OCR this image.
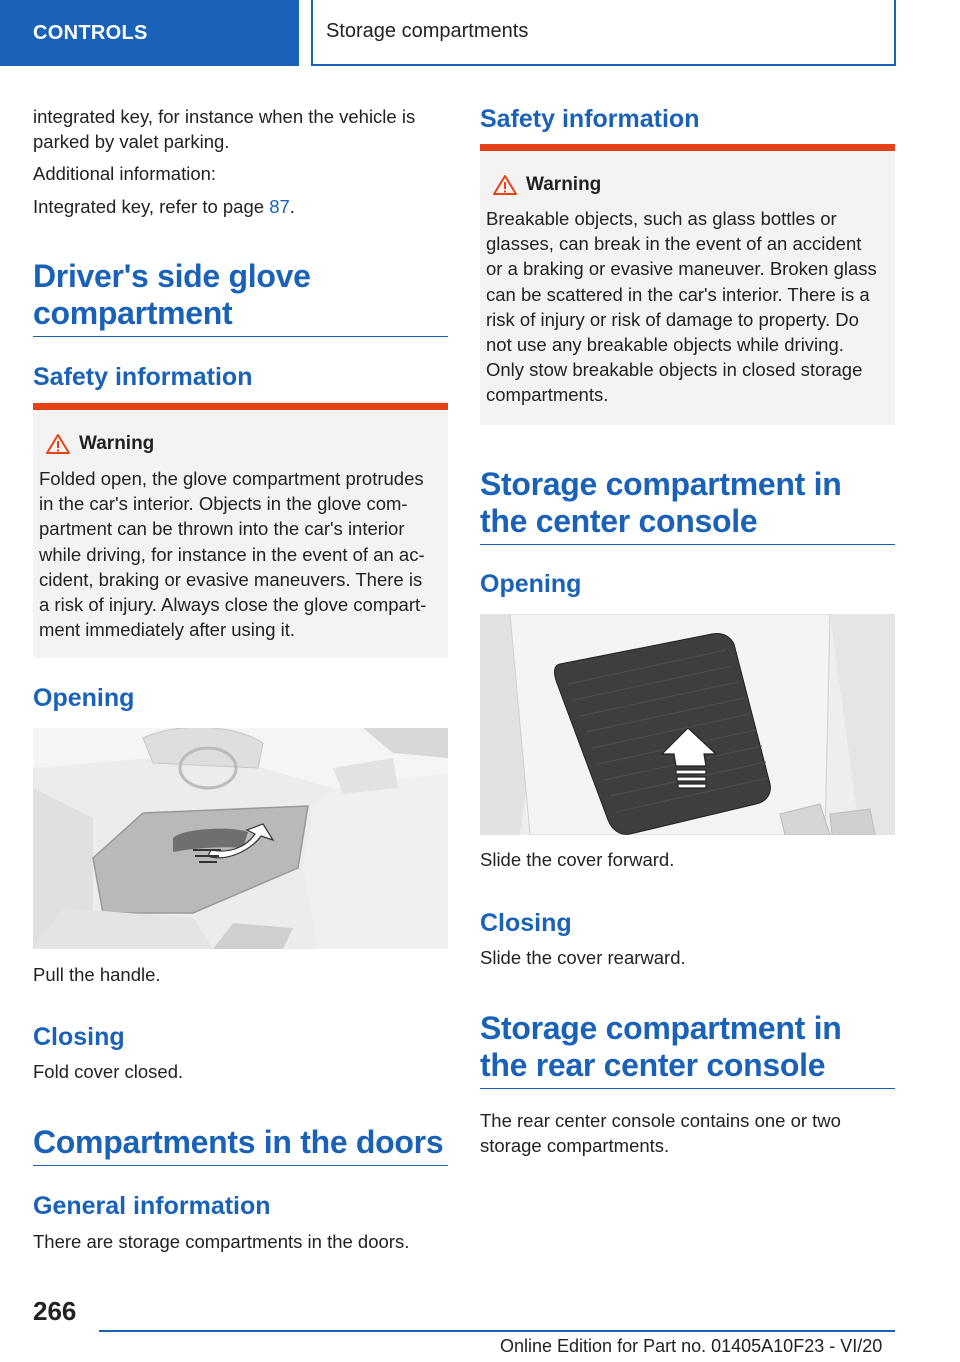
CONTROLS	Storage compartments

integrated key, for instance when the vehicle is

parked by valet parking.

Additional information:

Integrated key, refer to page 87.

Driver's side glove
compartment
Safety information
Warning
Folded open, the glove compartment protrudes
in the car's interior. Objects in the glove com-
partment can be thrown into the car's interior
while driving, for instance in the event of an ac-
cident, braking or evasive maneuvers. There is
a risk of injury. Always close the glove compart-
ment immediately after using it.
Opening

Pull the handle.

Closing

Fold cover closed.

Compartments in the doors
General information

There are storage compartments in the doors.

Safety information
Warning
Breakable objects, such as glass bottles or
glasses, can break in the event of an accident
or a braking or evasive maneuver. Broken glass
can be scattered in the car's interior. There is a
risk of injury or risk of damage to property. Do
not use any breakable objects while driving.
Only stow breakable objects in closed storage
compartments.
Storage compartment in
the center console
Opening

Slide the cover forward.

Closing

Slide the cover rearward.

Storage compartment in
the rear center console

The rear center console contains one or two

storage compartments.

266
Online Edition for Part no. 01405A10F23 - VI/20
